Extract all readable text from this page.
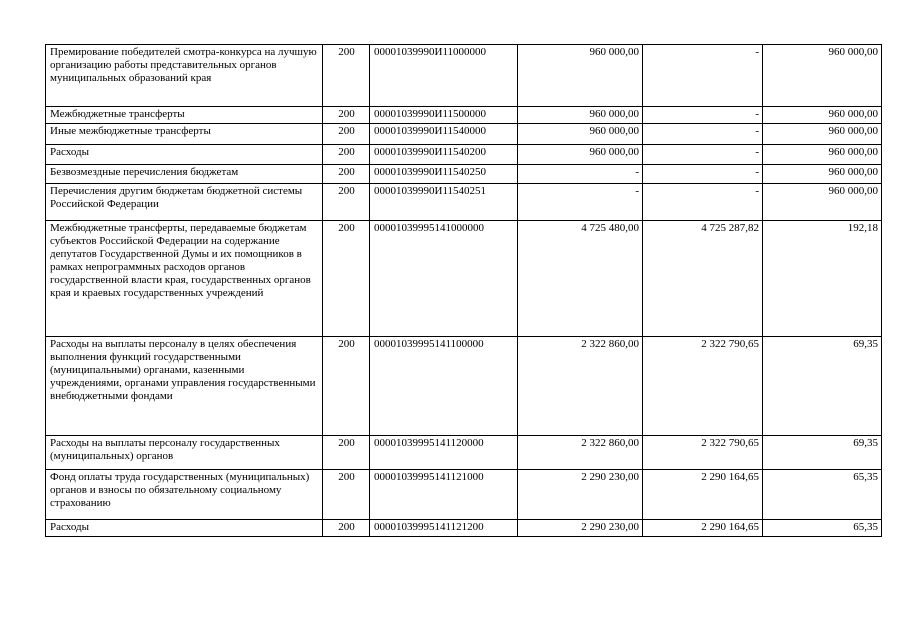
Премирование победителей смотра-конкурса на лучшую организацию работы представительных органов муниципальных образований края	200	00001039990И11000000	960 000,00	-	960 000,00
Межбюджетные трансферты	200	00001039990И11500000	960 000,00	-	960 000,00
Иные межбюджетные трансферты	200	00001039990И11540000	960 000,00	-	960 000,00
Расходы	200	00001039990И11540200	960 000,00	-	960 000,00
Безвозмездные перечисления бюджетам	200	00001039990И11540250	-	-	960 000,00
Перечисления другим бюджетам бюджетной системы Российской Федерации	200	00001039990И11540251	-	-	960 000,00
Межбюджетные трансферты, передаваемые бюджетам субъектов Российской Федерации на содержание депутатов Государственной Думы и их помощников в рамках непрограммных расходов органов государственной власти края, государственных органов края и краевых государственных учреждений	200	00001039995141000000	4 725 480,00	4 725 287,82	192,18
Расходы на выплаты персоналу в целях обеспечения выполнения функций государственными (муниципальными) органами, казенными учреждениями, органами управления государственными внебюджетными фондами	200	00001039995141100000	2 322 860,00	2 322 790,65	69,35
Расходы на выплаты персоналу государственных (муниципальных) органов	200	00001039995141120000	2 322 860,00	2 322 790,65	69,35
Фонд оплаты труда государственных (муниципальных) органов и взносы по обязательному социальному страхованию	200	00001039995141121000	2 290 230,00	2 290 164,65	65,35
Расходы	200	00001039995141121200	2 290 230,00	2 290 164,65	65,35
